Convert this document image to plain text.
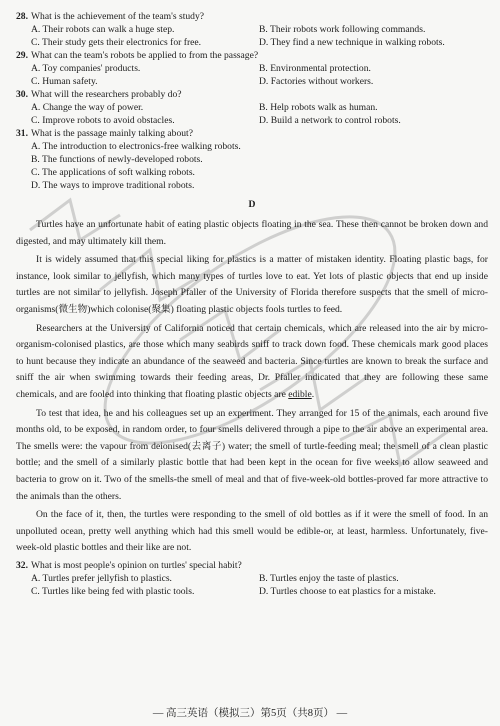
28. What is the achievement of the team's study?
A. Their robots can walk a huge step.	B. Their robots work following commands.
C. Their study gets their electronics for free.	D. They find a new technique in walking robots.
29. What can the team's robots be applied to from the passage?
A. Toy companies' products.	B. Environmental protection.
C. Human safety.	D. Factories without workers.
30. What will the researchers probably do?
A. Change the way of power.	B. Help robots walk as human.
C. Improve robots to avoid obstacles.	D. Build a network to control robots.
31. What is the passage mainly talking about?
A. The introduction to electronics-free walking robots.
B. The functions of newly-developed robots.
C. The applications of soft walking robots.
D. The ways to improve traditional robots.
D

Turtles have an unfortunate habit of eating plastic objects floating in the sea. These then cannot be broken down and digested, and may ultimately kill them.

It is widely assumed that this special liking for plastics is a matter of mistaken identity. Floating plastic bags, for instance, look similar to jellyfish, which many types of turtles love to eat. Yet lots of plastic objects that end up inside turtles are not similar to jellyfish. Joseph Pfaller of the University of Florida therefore suspects that the smell of micro-organisms(微生物)which colonise(聚集) floating plastic objects fools turtles to feed.

Researchers at the University of California noticed that certain chemicals, which are released into the air by micro-organism-colonised plastics, are those which many seabirds sniff to track down food. These chemicals mark good places to hunt because they indicate an abundance of the seaweed and bacteria. Since turtles are known to break the surface and sniff the air when swimming towards their feeding areas, Dr. Pfaller indicated that they are following these same chemicals, and are fooled into thinking that floating plastic objects are edible.

To test that idea, he and his colleagues set up an experiment. They arranged for 15 of the animals, each around five months old, to be exposed, in random order, to four smells delivered through a pipe to the air above an experimental area. The smells were: the vapour from deionised(去离子) water; the smell of turtle-feeding meal; the smell of a clean plastic bottle; and the smell of a similarly plastic bottle that had been kept in the ocean for five weeks to allow seaweed and bacteria to grow on it. Two of the smells-the smell of meal and that of five-week-old bottles-proved far more attractive to the animals than the others.

On the face of it, then, the turtles were responding to the smell of old bottles as if it were the smell of food. In an unpolluted ocean, pretty well anything which had this smell would be edible-or, at least, harmless. Unfortunately, five-week-old plastic bottles and their like are not.

32. What is most people's opinion on turtles' special habit?
A. Turtles prefer jellyfish to plastics.	B. Turtles enjoy the taste of plastics.
C. Turtles like being fed with plastic tools.	D. Turtles choose to eat plastics for a mistake.
— 高三英语（模拟三）第5页（共8页） —
